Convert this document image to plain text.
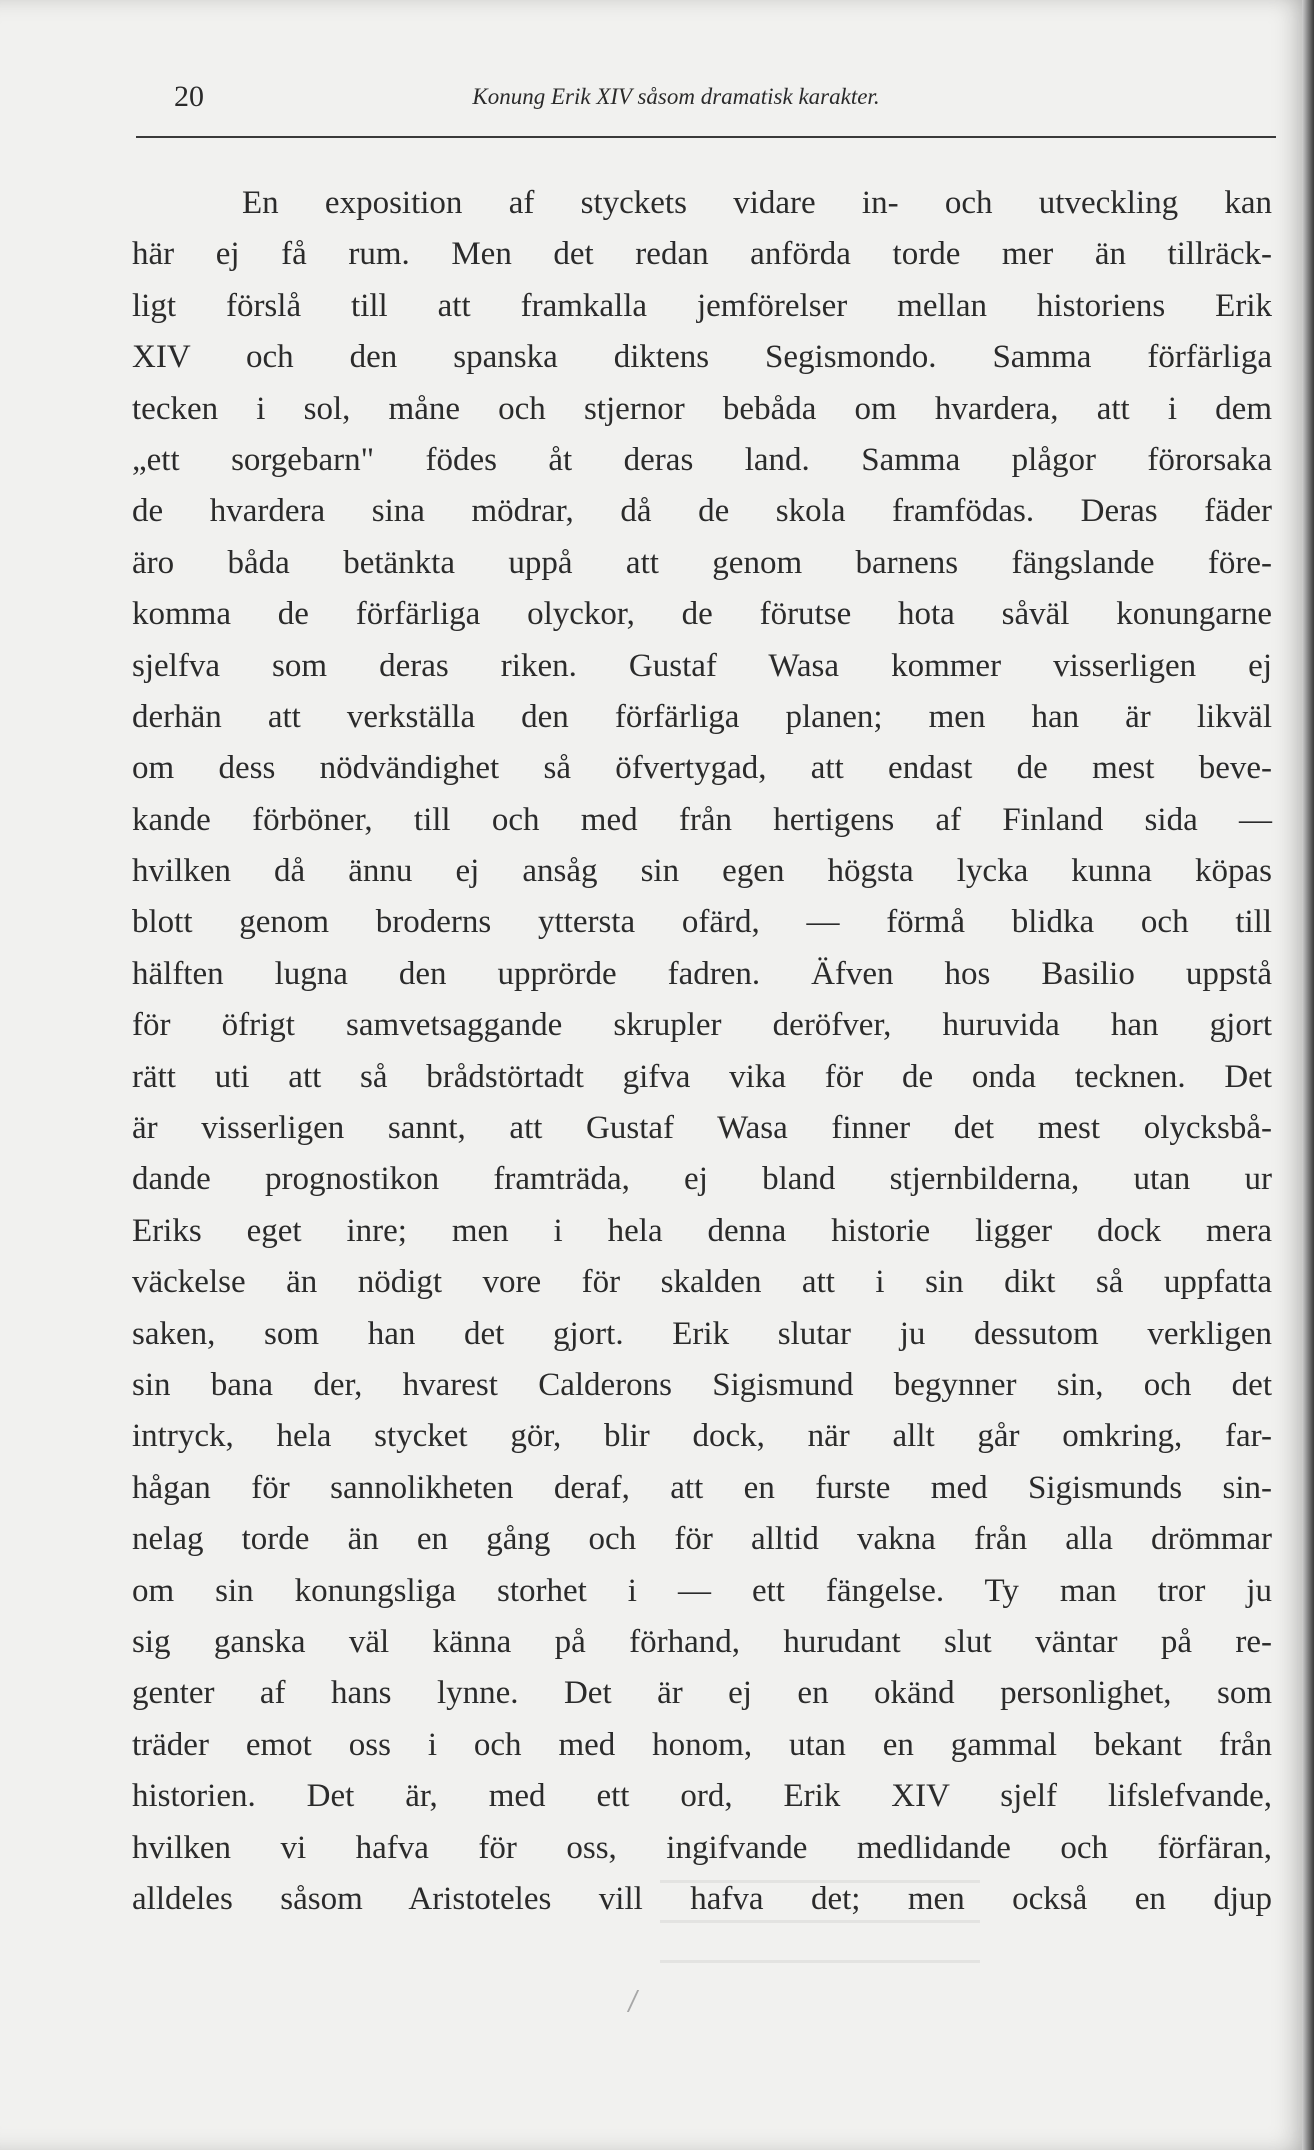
20	Konung Erik XIV såsom dramatisk karakter.
En exposition af styckets vidare in- och utveckling kan
här ej få rum. Men det redan anförda torde mer än tillräck-
ligt förslå till att framkalla jemförelser mellan historiens Erik
XIV och den spanska diktens Segismondo. Samma förfärliga
tecken i sol, måne och stjernor bebåda om hvardera, att i dem
„ett sorgebarn" födes åt deras land. Samma plågor förorsaka
de hvardera sina mödrar, då de skola framfödas. Deras fäder
äro båda betänkta uppå att genom barnens fängslande före-
komma de förfärliga olyckor, de förutse hota såväl konungarne
sjelfva som deras riken. Gustaf Wasa kommer visserligen ej
derhän att verkställa den förfärliga planen; men han är likväl
om dess nödvändighet så öfvertygad, att endast de mest beve-
kande förböner, till och med från hertigens af Finland sida —
hvilken då ännu ej ansåg sin egen högsta lycka kunna köpas
blott genom broderns yttersta ofärd, — förmå blidka och till
hälften lugna den upprörde fadren. Äfven hos Basilio uppstå
för öfrigt samvetsaggande skrupler deröfver, huruvida han gjort
rätt uti att så brådstörtadt gifva vika för de onda tecknen. Det
är visserligen sannt, att Gustaf Wasa finner det mest olycksbå-
dande prognostikon framträda, ej bland stjernbilderna, utan ur
Eriks eget inre; men i hela denna historie ligger dock mera
väckelse än nödigt vore för skalden att i sin dikt så uppfatta
saken, som han det gjort. Erik slutar ju dessutom verkligen
sin bana der, hvarest Calderons Sigismund begynner sin, och det
intryck, hela stycket gör, blir dock, när allt går omkring, far-
hågan för sannolikheten deraf, att en furste med Sigismunds sin-
nelag torde än en gång och för alltid vakna från alla drömmar
om sin konungsliga storhet i — ett fängelse. Ty man tror ju
sig ganska väl känna på förhand, hurudant slut väntar på re-
genter af hans lynne. Det är ej en okänd personlighet, som
träder emot oss i och med honom, utan en gammal bekant från
historien. Det är, med ett ord, Erik XIV sjelf lifslefvande,
hvilken vi hafva för oss, ingifvande medlidande och förfäran,
alldeles såsom Aristoteles vill hafva det; men också en djup
